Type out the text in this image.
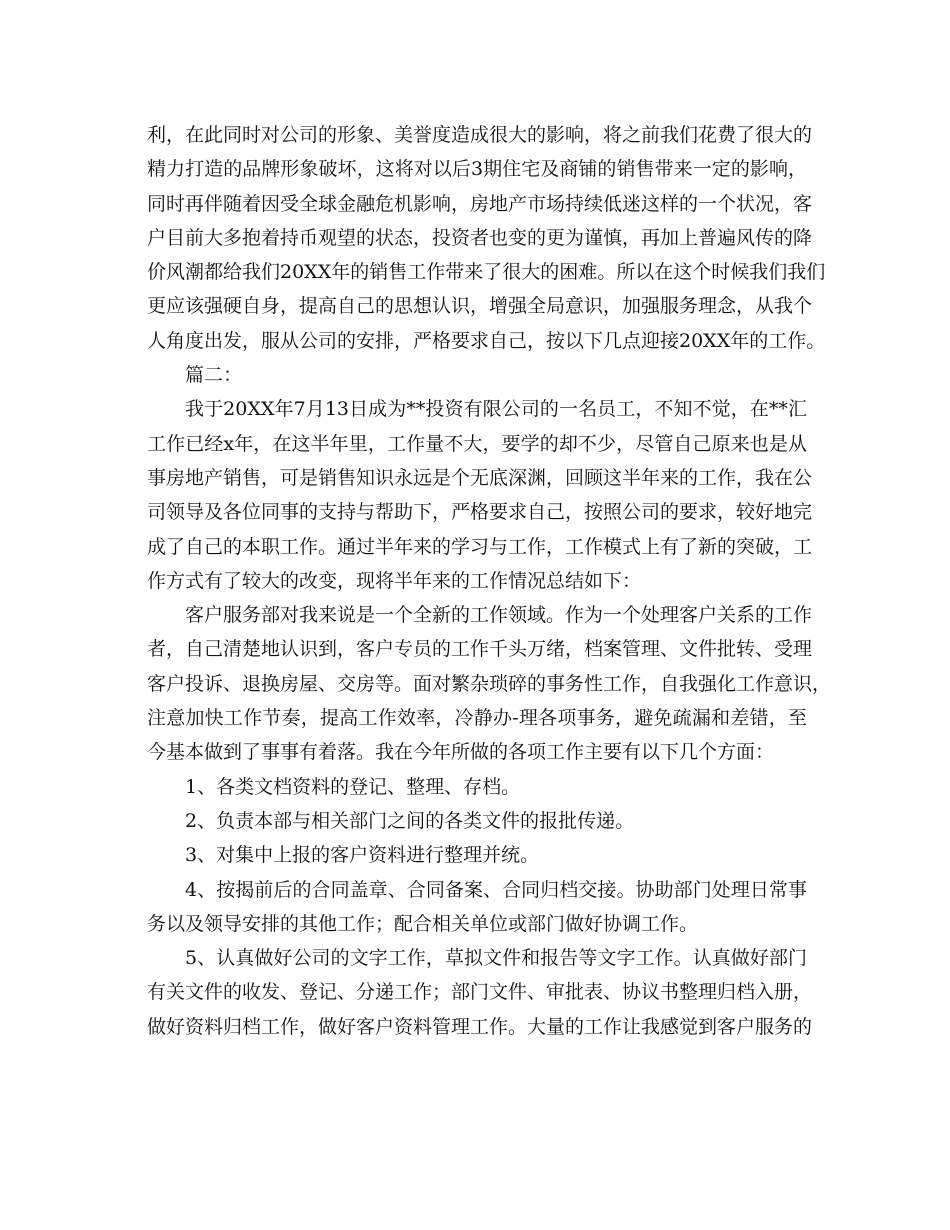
利，在此同时对公司的形象、美誉度造成很大的影响，将之前我们花费了很大的
精力打造的品牌形象破坏，这将对以后3期住宅及商铺的销售带来一定的影响，
同时再伴随着因受全球金融危机影响，房地产市场持续低迷这样的一个状况，客
户目前大多抱着持币观望的状态，投资者也变的更为谨慎，再加上普遍风传的降
价风潮都给我们20XX年的销售工作带来了很大的困难。所以在这个时候我们我们
更应该强硬自身，提高自己的思想认识，增强全局意识，加强服务理念，从我个
人角度出发，服从公司的安排，严格要求自己，按以下几点迎接20XX年的工作。
篇二：
我于20XX年7月13日成为**投资有限公司的一名员工，不知不觉，在**汇
工作已经x年，在这半年里，工作量不大，要学的却不少，尽管自己原来也是从
事房地产销售，可是销售知识永远是个无底深渊，回顾这半年来的工作，我在公
司领导及各位同事的支持与帮助下，严格要求自己，按照公司的要求，较好地完
成了自己的本职工作。通过半年来的学习与工作，工作模式上有了新的突破，工
作方式有了较大的改变，现将半年来的工作情况总结如下：
客户服务部对我来说是一个全新的工作领域。作为一个处理客户关系的工作
者，自己清楚地认识到，客户专员的工作千头万绪，档案管理、文件批转、受理
客户投诉、退换房屋、交房等。面对繁杂琐碎的事务性工作，自我强化工作意识，
注意加快工作节奏，提高工作效率，冷静办-理各项事务，避免疏漏和差错，至
今基本做到了事事有着落。我在今年所做的各项工作主要有以下几个方面：
1、各类文档资料的登记、整理、存档。
2、负责本部与相关部门之间的各类文件的报批传递。
3、对集中上报的客户资料进行整理并统。
4、按揭前后的合同盖章、合同备案、合同归档交接。协助部门处理日常事
务以及领导安排的其他工作；配合相关单位或部门做好协调工作。
5、认真做好公司的文字工作，草拟文件和报告等文字工作。认真做好部门
有关文件的收发、登记、分递工作；部门文件、审批表、协议书整理归档入册，
做好资料归档工作，做好客户资料管理工作。大量的工作让我感觉到客户服务的
